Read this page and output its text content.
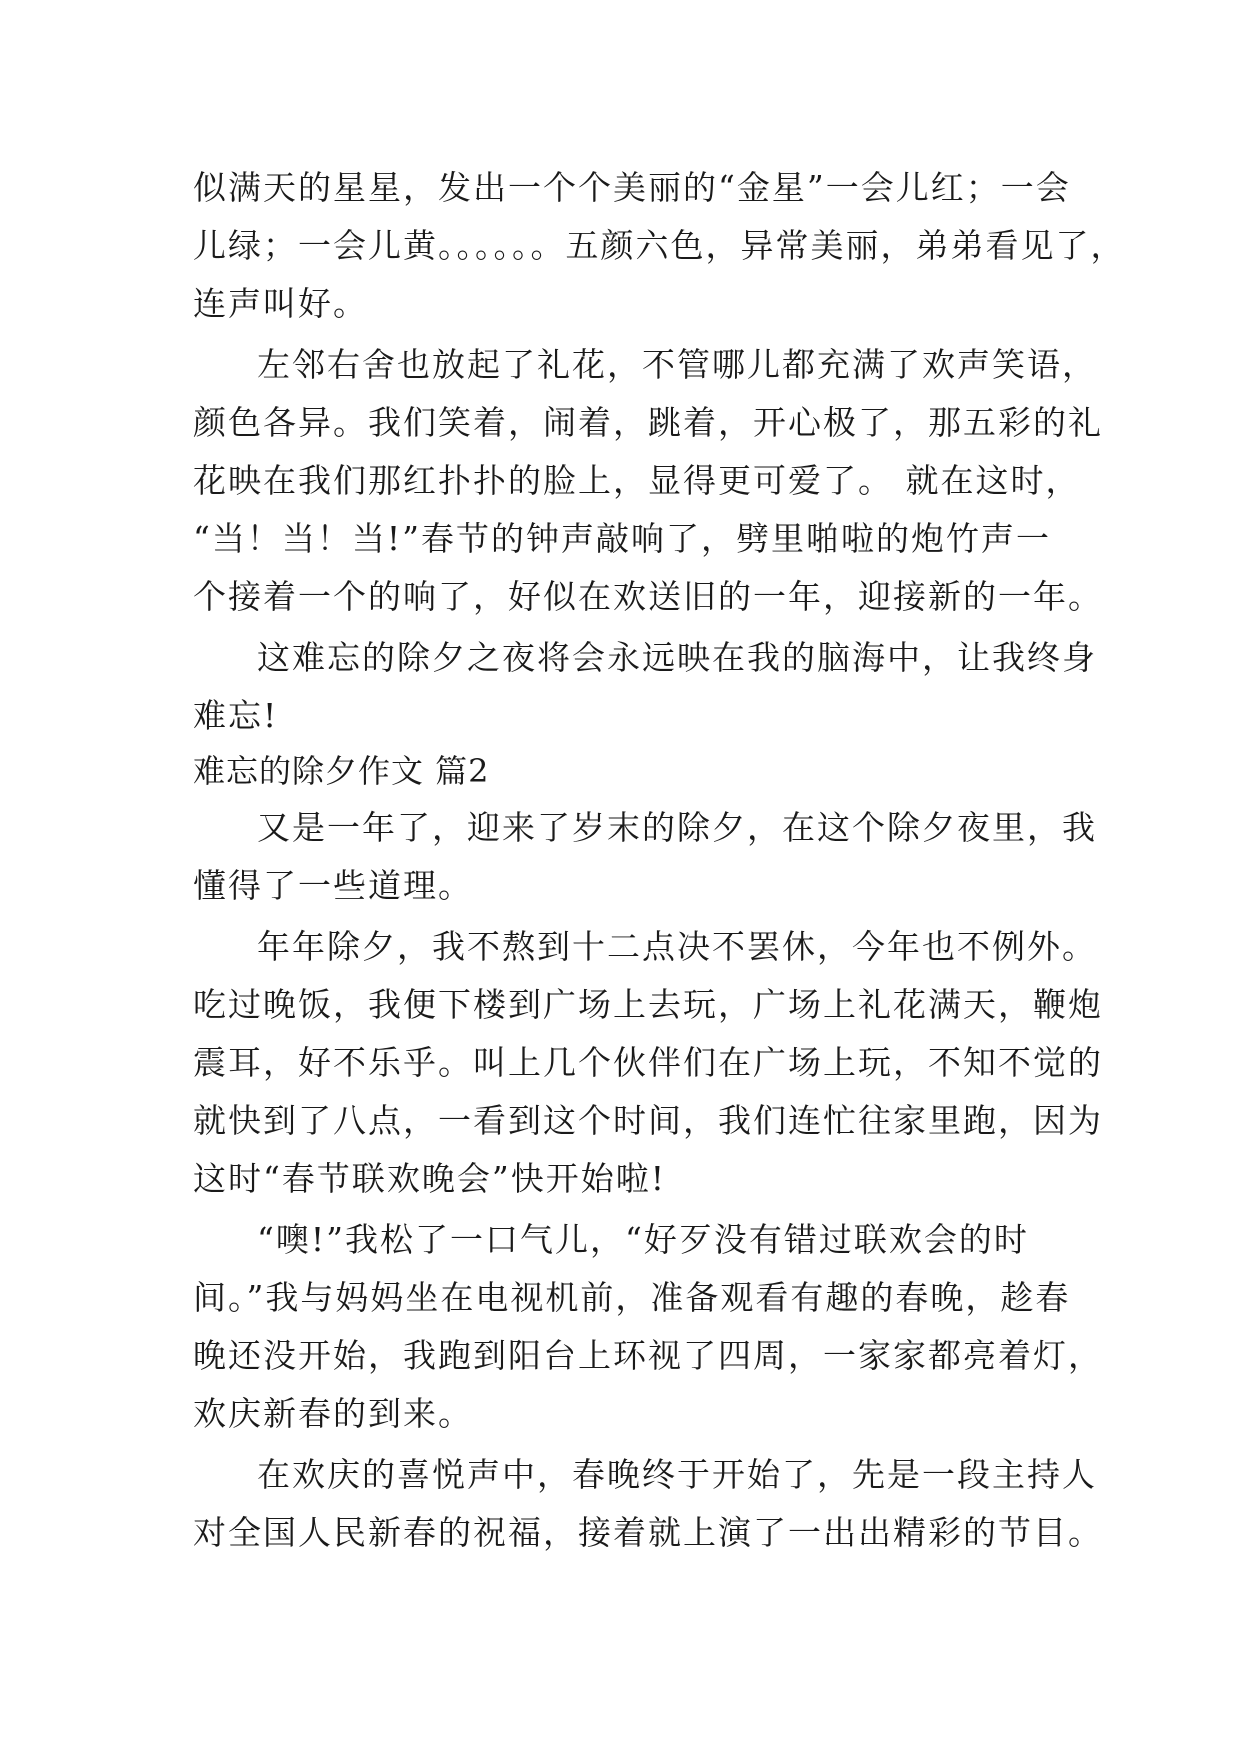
似满天的星星，发出一个个美丽的“金星”一会儿红；一会
儿绿；一会儿黄。。。。。。五颜六色，异常美丽，弟弟看见了，
连声叫好。
左邻右舍也放起了礼花，不管哪儿都充满了欢声笑语，
颜色各异。我们笑着，闹着，跳着，开心极了，那五彩的礼
花映在我们那红扑扑的脸上，显得更可爱了。 就在这时，
“当！当！当!”春节的钟声敲响了，劈里啪啦的炮竹声一
个接着一个的响了，好似在欢送旧的一年，迎接新的一年。
这难忘的除夕之夜将会永远映在我的脑海中，让我终身
难忘!
难忘的除夕作文 篇2
又是一年了，迎来了岁末的除夕，在这个除夕夜里，我
懂得了一些道理。
年年除夕，我不熬到十二点决不罢休，今年也不例外。
吃过晚饭，我便下楼到广场上去玩，广场上礼花满天，鞭炮
震耳，好不乐乎。叫上几个伙伴们在广场上玩，不知不觉的
就快到了八点，一看到这个时间，我们连忙往家里跑，因为
这时“春节联欢晚会”快开始啦!
“噢!”我松了一口气儿，“好歹没有错过联欢会的时
间。”我与妈妈坐在电视机前，准备观看有趣的春晚，趁春
晚还没开始，我跑到阳台上环视了四周，一家家都亮着灯，
欢庆新春的到来。
在欢庆的喜悦声中，春晚终于开始了，先是一段主持人
对全国人民新春的祝福，接着就上演了一出出精彩的节目。
